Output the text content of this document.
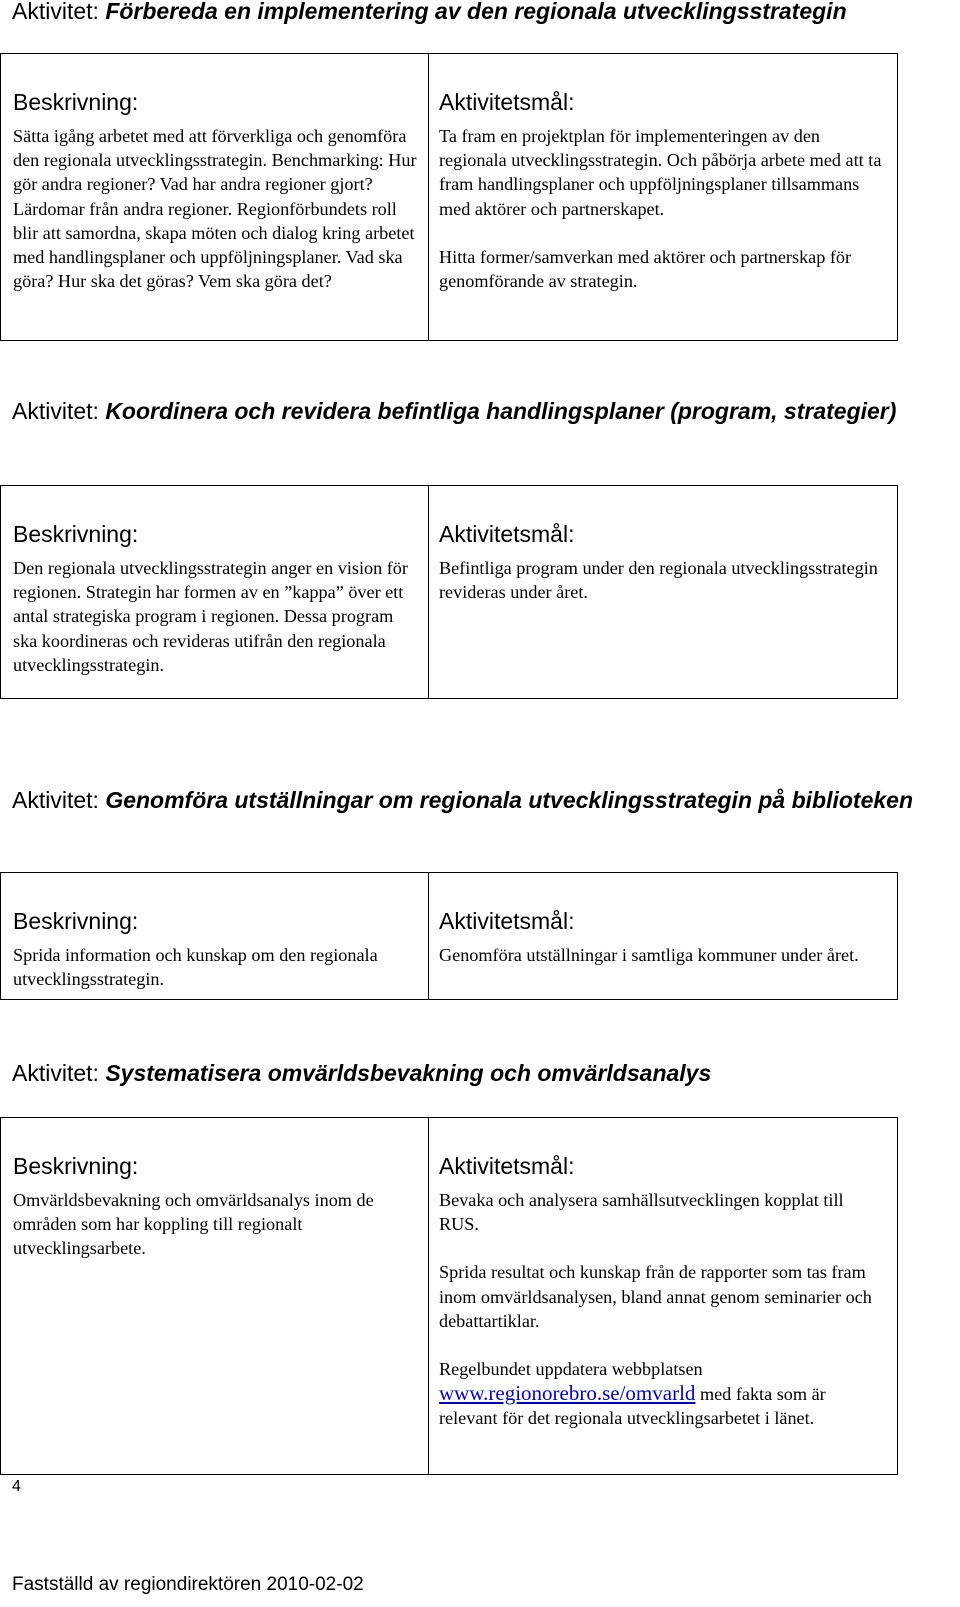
Aktivitet: Förbereda en implementering av den regionala utvecklingsstrategin
Beskrivning:

Sätta igång arbetet med att förverkliga och genomföra den regionala utvecklingsstrategin. Benchmarking: Hur gör andra regioner? Vad har andra regioner gjort? Lärdomar från andra regioner. Regionförbundets roll blir att samordna, skapa möten och dialog kring arbetet med handlingsplaner och uppföljningsplaner. Vad ska göra? Hur ska det göras? Vem ska göra det?

Aktivitetsmål:

Ta fram en projektplan för implementeringen av den regionala utvecklingsstrategin. Och påbörja arbete med att ta fram handlingsplaner och uppföljningsplaner tillsammans med aktörer och partnerskapet.

Hitta former/samverkan med aktörer och partnerskap för genomförande av strategin.

Aktivitet: Koordinera och revidera befintliga handlingsplaner (program, strategier)
Beskrivning:

Den regionala utvecklingsstrategin anger en vision för regionen. Strategin har formen av en ”kappa” över ett antal strategiska program i regionen. Dessa program ska koordineras och revideras utifrån den regionala utvecklingsstrategin.

Aktivitetsmål:

Befintliga program under den regionala utvecklingsstrategin revideras under året.

Aktivitet: Genomföra utställningar om regionala utvecklingsstrategin på biblioteken
Beskrivning:

Sprida information och kunskap om den regionala utvecklingsstrategin.

Aktivitetsmål:

Genomföra utställningar i samtliga kommuner under året.

Aktivitet: Systematisera omvärldsbevakning och omvärldsanalys
Beskrivning:

Omvärldsbevakning och omvärldsanalys inom de områden som har koppling till regionalt utvecklingsarbete.

Aktivitetsmål:

Bevaka och analysera samhällsutvecklingen kopplat till RUS.

Sprida resultat och kunskap från de rapporter som tas fram inom omvärldsanalysen, bland annat genom seminarier och debattartiklar.

Regelbundet uppdatera webbplatsen
www.regionorebro.se/omvarld med fakta som är relevant för det regionala utvecklingsarbetet i länet.

4
Fastställd av regiondirektören 2010-02-02
